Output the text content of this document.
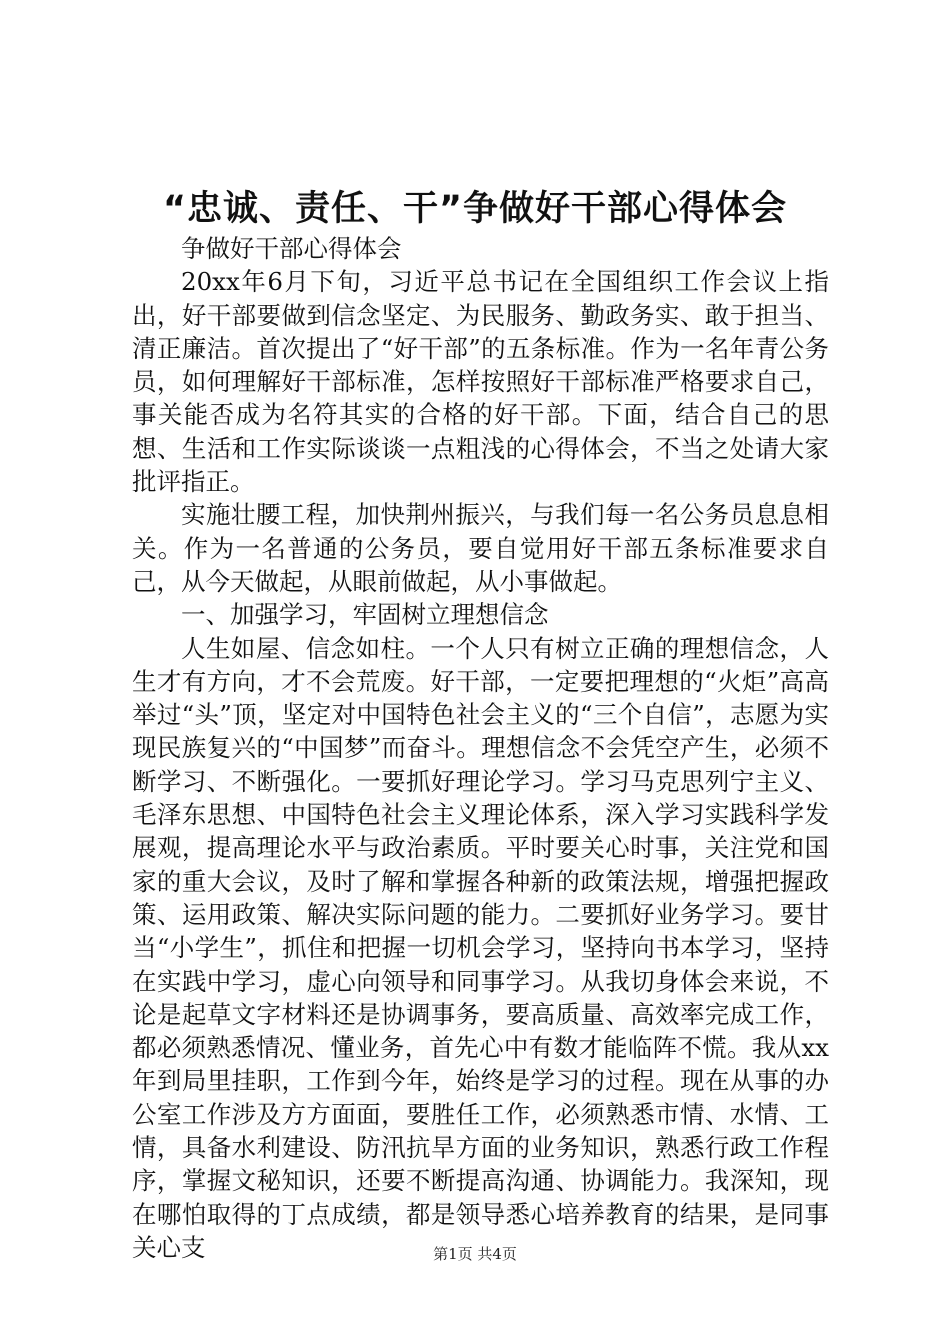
“忠诚、责任、干”争做好干部心得体会

争做好干部心得体会

20xx年6月下旬，习近平总书记在全国组织工作会议上指出，好干部要做到信念坚定、为民服务、勤政务实、敢于担当、清正廉洁。首次提出了“好干部”的五条标准。作为一名年青公务员，如何理解好干部标准，怎样按照好干部标准严格要求自己，事关能否成为名符其实的合格的好干部。下面，结合自己的思想、生活和工作实际谈谈一点粗浅的心得体会，不当之处请大家批评指正。

实施壮腰工程，加快荆州振兴，与我们每一名公务员息息相关。作为一名普通的公务员，要自觉用好干部五条标准要求自己，从今天做起，从眼前做起，从小事做起。

一、加强学习，牢固树立理想信念

人生如屋、信念如柱。一个人只有树立正确的理想信念，人生才有方向，才不会荒废。好干部，一定要把理想的“火炬”高高举过“头”顶，坚定对中国特色社会主义的“三个自信”，志愿为实现民族复兴的“中国梦”而奋斗。理想信念不会凭空产生，必须不断学习、不断强化。一要抓好理论学习。学习马克思列宁主义、毛泽东思想、中国特色社会主义理论体系，深入学习实践科学发展观，提高理论水平与政治素质。平时要关心时事，关注党和国家的重大会议，及时了解和掌握各种新的政策法规，增强把握政策、运用政策、解决实际问题的能力。二要抓好业务学习。要甘当“小学生”，抓住和把握一切机会学习，坚持向书本学习，坚持在实践中学习，虚心向领导和同事学习。从我切身体会来说，不论是起草文字材料还是协调事务，要高质量、高效率完成工作，都必须熟悉情况、懂业务，首先心中有数才能临阵不慌。我从xx年到局里挂职，工作到今年，始终是学习的过程。现在从事的办公室工作涉及方方面面，要胜任工作，必须熟悉市情、水情、工情，具备水利建设、防汛抗旱方面的业务知识，熟悉行政工作程序，掌握文秘知识，还要不断提高沟通、协调能力。我深知，现在哪怕取得的丁点成绩，都是领导悉心培养教育的结果，是同事关心支	第1页 共4页
